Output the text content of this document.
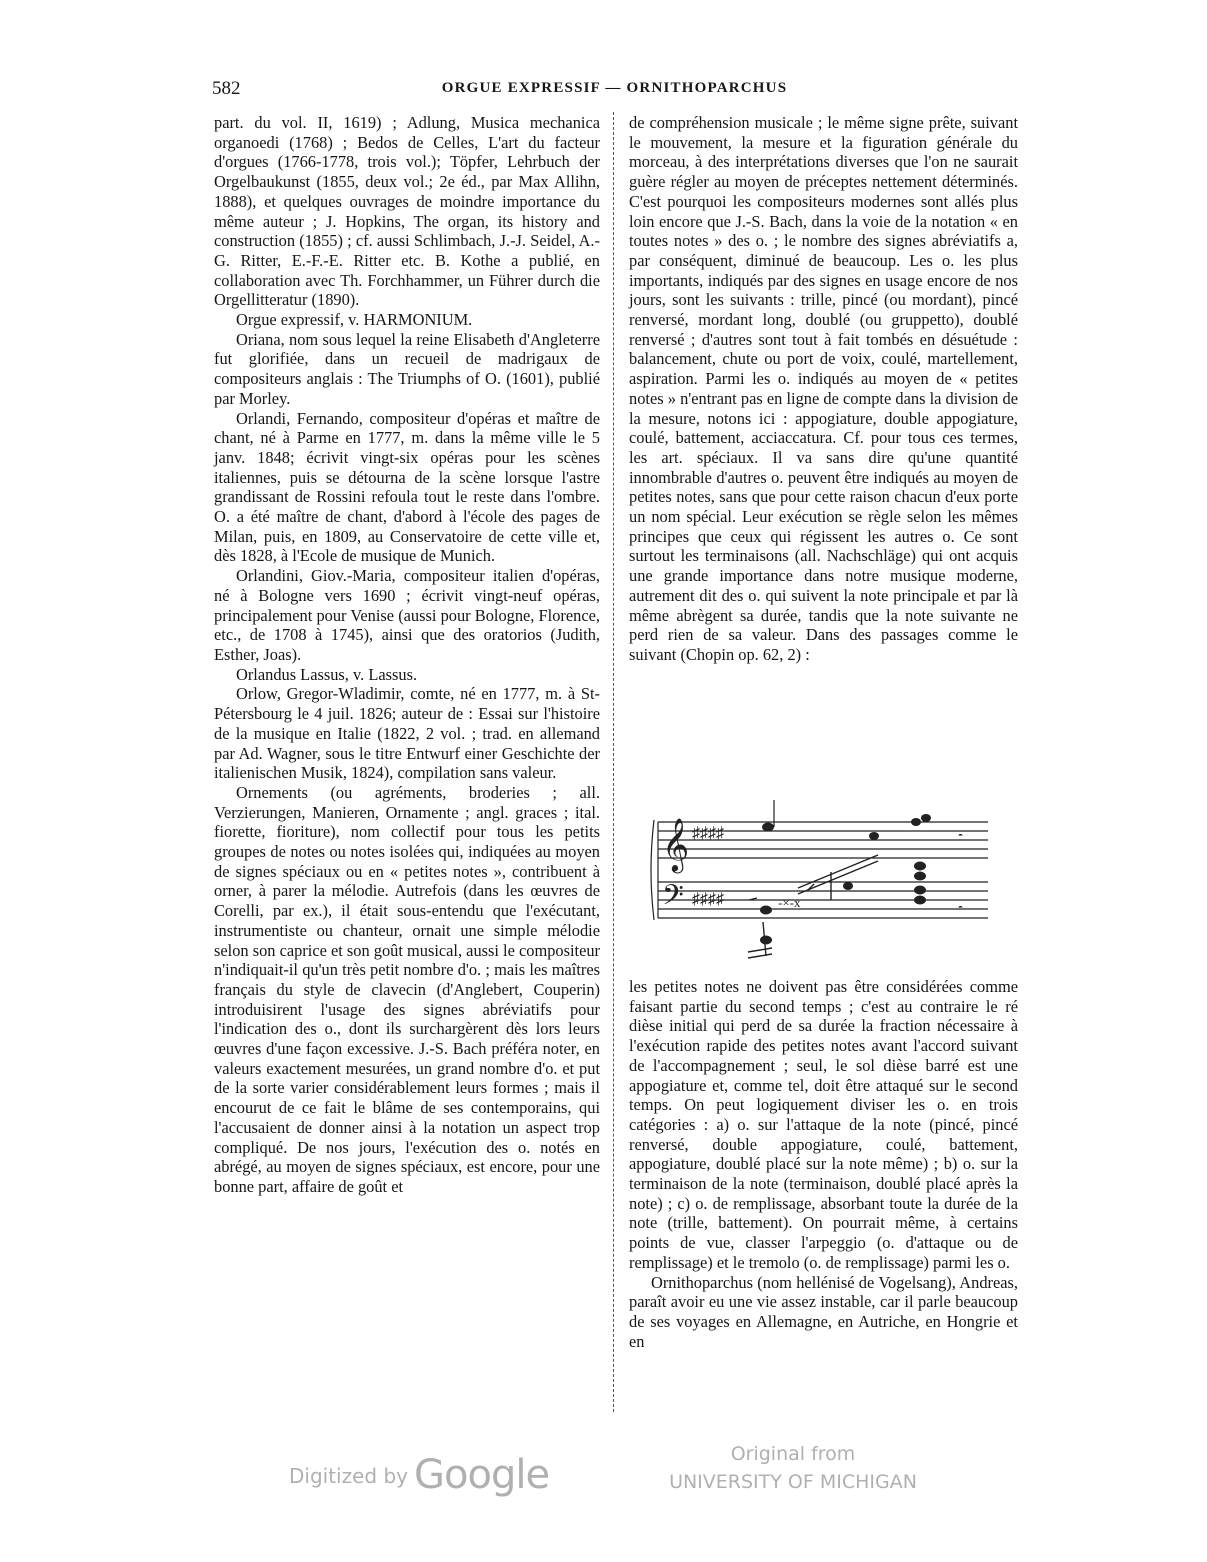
582	ORGUE EXPRESSIF — ORNITHOPARCHUS

part. du vol. II, 1619) ; Adlung, Musica mechanica organoedi (1768) ; Bedos de Celles, L'art du facteur d'orgues (1766-1778, trois vol.); Töpfer, Lehrbuch der Orgelbaukunst (1855, deux vol.; 2e éd., par Max Allihn, 1888), et quelques ouvrages de moindre importance du même auteur ; J. Hopkins, The organ, its history and construction (1855) ; cf. aussi Schlimbach, J.-J. Seidel, A.-G. Ritter, E.-F.-E. Ritter etc. B. Kothe a publié, en collaboration avec Th. Forchhammer, un Führer durch die Orgellitteratur (1890).

Orgue expressif, v. HARMONIUM.

Oriana, nom sous lequel la reine Elisabeth d'Angleterre fut glorifiée, dans un recueil de madrigaux de compositeurs anglais : The Triumphs of O. (1601), publié par Morley.

Orlandi, Fernando, compositeur d'opéras et maître de chant, né à Parme en 1777, m. dans la même ville le 5 janv. 1848; écrivit vingt-six opéras pour les scènes italiennes, puis se détourna de la scène lorsque l'astre grandissant de Rossini refoula tout le reste dans l'ombre. O. a été maître de chant, d'abord à l'école des pages de Milan, puis, en 1809, au Conservatoire de cette ville et, dès 1828, à l'Ecole de musique de Munich.

Orlandini, Giov.-Maria, compositeur italien d'opéras, né à Bologne vers 1690 ; écrivit vingt-neuf opéras, principalement pour Venise (aussi pour Bologne, Florence, etc., de 1708 à 1745), ainsi que des oratorios (Judith, Esther, Joas).

Orlandus Lassus, v. Lassus.

Orlow, Gregor-Wladimir, comte, né en 1777, m. à St-Pétersbourg le 4 juil. 1826; auteur de : Essai sur l'histoire de la musique en Italie (1822, 2 vol. ; trad. en allemand par Ad. Wagner, sous le titre Entwurf einer Geschichte der italienischen Musik, 1824), compilation sans valeur.

Ornements (ou agréments, broderies ; all. Verzierungen, Manieren, Ornamente ; angl. graces ; ital. fiorette, fioriture), nom collectif pour tous les petits groupes de notes ou notes isolées qui, indiquées au moyen de signes spéciaux ou en « petites notes », contribuent à orner, à parer la mélodie. Autrefois (dans les œuvres de Corelli, par ex.), il était sous-entendu que l'exécutant, instrumentiste ou chanteur, ornait une simple mélodie selon son caprice et son goût musical, aussi le compositeur n'indiquait-il qu'un très petit nombre d'o. ; mais les maîtres français du style de clavecin (d'Anglebert, Couperin) introduisirent l'usage des signes abréviatifs pour l'indication des o., dont ils surchargèrent dès lors leurs œuvres d'une façon excessive. J.-S. Bach préféra noter, en valeurs exactement mesurées, un grand nombre d'o. et put de la sorte varier considérablement leurs formes ; mais il encourut de ce fait le blâme de ses contemporains, qui l'accusaient de donner ainsi à la notation un aspect trop compliqué. De nos jours, l'exécution des o. notés en abrégé, au moyen de signes spéciaux, est encore, pour une bonne part, affaire de goût et

de compréhension musicale ; le même signe prête, suivant le mouvement, la mesure et la figuration générale du morceau, à des interprétations diverses que l'on ne saurait guère régler au moyen de préceptes nettement déterminés. C'est pourquoi les compositeurs modernes sont allés plus loin encore que J.-S. Bach, dans la voie de la notation « en toutes notes » des o. ; le nombre des signes abréviatifs a, par conséquent, diminué de beaucoup. Les o. les plus importants, indiqués par des signes en usage encore de nos jours, sont les suivants : trille, pincé (ou mordant), pincé renversé, mordant long, doublé (ou gruppetto), doublé renversé ; d'autres sont tout à fait tombés en désuétude : balancement, chute ou port de voix, coulé, martellement, aspiration. Parmi les o. indiqués au moyen de « petites notes » n'entrant pas en ligne de compte dans la division de la mesure, notons ici : appogiature, double appogiature, coulé, battement, acciaccatura. Cf. pour tous ces termes, les art. spéciaux. Il va sans dire qu'une quantité innombrable d'autres o. peuvent être indiqués au moyen de petites notes, sans que pour cette raison chacun d'eux porte un nom spécial. Leur exécution se règle selon les mêmes principes que ceux qui régissent les autres o. Ce sont surtout les terminaisons (all. Nachschläge) qui ont acquis une grande importance dans notre musique moderne, autrement dit des o. qui suivent la note principale et par là même abrègent sa durée, tandis que la note suivante ne perd rien de sa valeur. Dans des passages comme le suivant (Chopin op. 62, 2) :

𝄞
𝄢
♯♯♯♯
♯♯♯♯	-×-x
𝄼
𝄼

les petites notes ne doivent pas être considérées comme faisant partie du second temps ; c'est au contraire le ré dièse initial qui perd de sa durée la fraction nécessaire à l'exécution rapide des petites notes avant l'accord suivant de l'accompagnement ; seul, le sol dièse barré est une appogiature et, comme tel, doit être attaqué sur le second temps. On peut logiquement diviser les o. en trois catégories : a) o. sur l'attaque de la note (pincé, pincé renversé, double appogiature, coulé, battement, appogiature, doublé placé sur la note même) ; b) o. sur la terminaison de la note (terminaison, doublé placé après la note) ; c) o. de remplissage, absorbant toute la durée de la note (trille, battement). On pourrait même, à certains points de vue, classer l'arpeggio (o. d'attaque ou de remplissage) et le tremolo (o. de remplissage) parmi les o.

Ornithoparchus (nom hellénisé de Vogelsang), Andreas, paraît avoir eu une vie assez instable, car il parle beaucoup de ses voyages en Allemagne, en Autriche, en Hongrie et en

Digitized by Google	Original from
UNIVERSITY OF MICHIGAN
